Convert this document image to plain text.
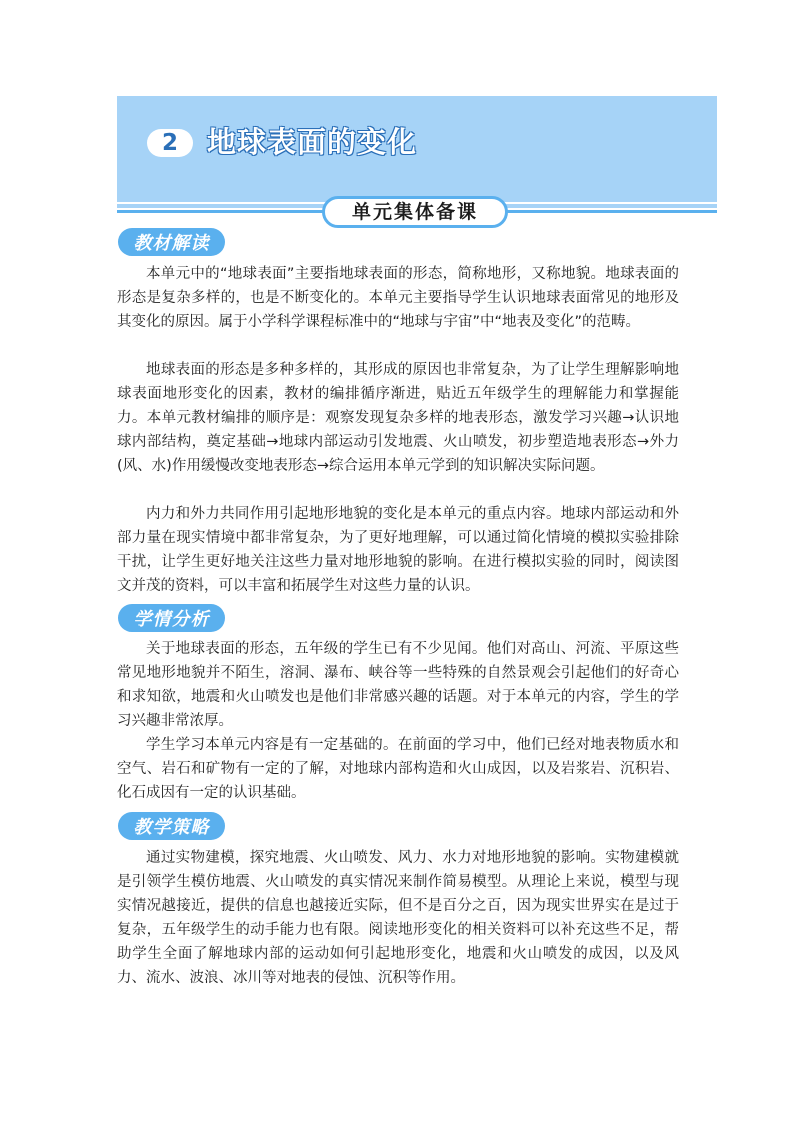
2	地球表面的变化
单元集体备课
教材解读

本单元中的“地球表面”主要指地球表面的形态，简称地形，又称地貌。地球表面的形态是复杂多样的，也是不断变化的。本单元主要指导学生认识地球表面常见的地形及其变化的原因。属于小学科学课程标准中的“地球与宇宙”中“地表及变化”的范畴。

地球表面的形态是多种多样的，其形成的原因也非常复杂，为了让学生理解影响地球表面地形变化的因素，教材的编排循序渐进，贴近五年级学生的理解能力和掌握能力。本单元教材编排的顺序是：观察发现复杂多样的地表形态，激发学习兴趣→认识地球内部结构，奠定基础→地球内部运动引发地震、火山喷发，初步塑造地表形态→外力(风、水)作用缓慢改变地表形态→综合运用本单元学到的知识解决实际问题。

内力和外力共同作用引起地形地貌的变化是本单元的重点内容。地球内部运动和外部力量在现实情境中都非常复杂，为了更好地理解，可以通过简化情境的模拟实验排除干扰，让学生更好地关注这些力量对地形地貌的影响。在进行模拟实验的同时，阅读图文并茂的资料，可以丰富和拓展学生对这些力量的认识。

学情分析

关于地球表面的形态，五年级的学生已有不少见闻。他们对高山、河流、平原这些常见地形地貌并不陌生，溶洞、瀑布、峡谷等一些特殊的自然景观会引起他们的好奇心和求知欲，地震和火山喷发也是他们非常感兴趣的话题。对于本单元的内容，学生的学习兴趣非常浓厚。

学生学习本单元内容是有一定基础的。在前面的学习中，他们已经对地表物质水和空气、岩石和矿物有一定的了解，对地球内部构造和火山成因，以及岩浆岩、沉积岩、化石成因有一定的认识基础。

教学策略

通过实物建模，探究地震、火山喷发、风力、水力对地形地貌的影响。实物建模就是引领学生模仿地震、火山喷发的真实情况来制作简易模型。从理论上来说，模型与现实情况越接近，提供的信息也越接近实际，但不是百分之百，因为现实世界实在是过于复杂，五年级学生的动手能力也有限。阅读地形变化的相关资料可以补充这些不足，帮助学生全面了解地球内部的运动如何引起地形变化，地震和火山喷发的成因，以及风力、流水、波浪、冰川等对地表的侵蚀、沉积等作用。
